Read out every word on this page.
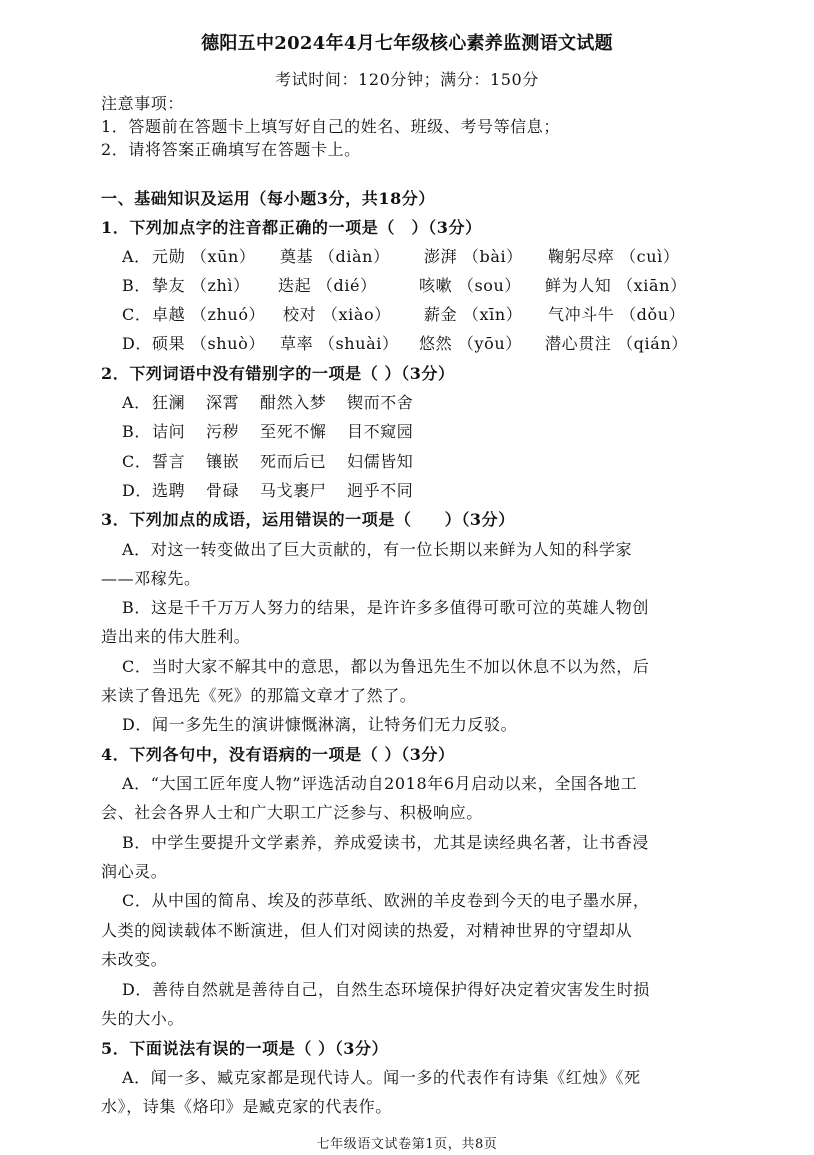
德阳五中2024年4月七年级核心素养监测语文试题
考试时间：120分钟；满分：150分
注意事项：
1．答题前在答题卡上填写好自己的姓名、班级、考号等信息；
2．请将答案正确填写在答题卡上。
一、基础知识及运用（每小题3分，共18分）
1．下列加点字的注音都正确的一项是（　）（3分）
A． 元勋 （xūn） 奠基 （diàn） 澎湃 （bài） 鞠躬尽瘁 （cuì）
B． 挚友 （zhì） 迭起 （dié）	咳嗽 （sou） 鲜为人知 （xiān）
C． 卓越 （zhuó） 校对 （xiào） 薪金 （xīn） 气冲斗牛 （dǒu）
D． 硕果 （shuò） 草率 （shuài） 悠然 （yōu） 潜心贯注 （qián）
2．下列词语中没有错别字的一项是（ ）（3分）
A． 狂澜 深霄 酣然入梦 锲而不舍
B． 诘问 污秽 至死不懈 目不窥园
C． 誓言 镶嵌 死而后已 妇儒皆知
D． 选聘 骨碌 马戈裹尸 迥乎不同
3．下列加点的成语，运用错误的一项是（　　）（3分）
A．对这一转变做出了巨大贡献的，有一位长期以来鲜为人知的科学家
——邓稼先。
B．这是千千万万人努力的结果，是许许多多值得可歌可泣的英雄人物创
造出来的伟大胜利。
C．当时大家不解其中的意思，都以为鲁迅先生不加以休息不以为然，后
来读了鲁迅先《死》的那篇文章才了然了。
D．闻一多先生的演讲慷慨淋漓，让特务们无力反驳。
4．下列各句中，没有语病的一项是（ ）（3分）
A．“大国工匠年度人物”评选活动自2018年6月启动以来，全国各地工
会、社会各界人士和广大职工广泛参与、积极响应。
B．中学生要提升文学素养，养成爱读书，尤其是读经典名著，让书香浸
润心灵。
C．从中国的简帛、埃及的莎草纸、欧洲的羊皮卷到今天的电子墨水屏，
人类的阅读载体不断演进，但人们对阅读的热爱，对精神世界的守望却从
未改变。
D．善待自然就是善待自己，自然生态环境保护得好决定着灾害发生时损
失的大小。
5．下面说法有误的一项是（ ）（3分）
A．闻一多、臧克家都是现代诗人。闻一多的代表作有诗集《红烛》《死
水》，诗集《烙印》是臧克家的代表作。
七年级语文试卷第1页，共8页
